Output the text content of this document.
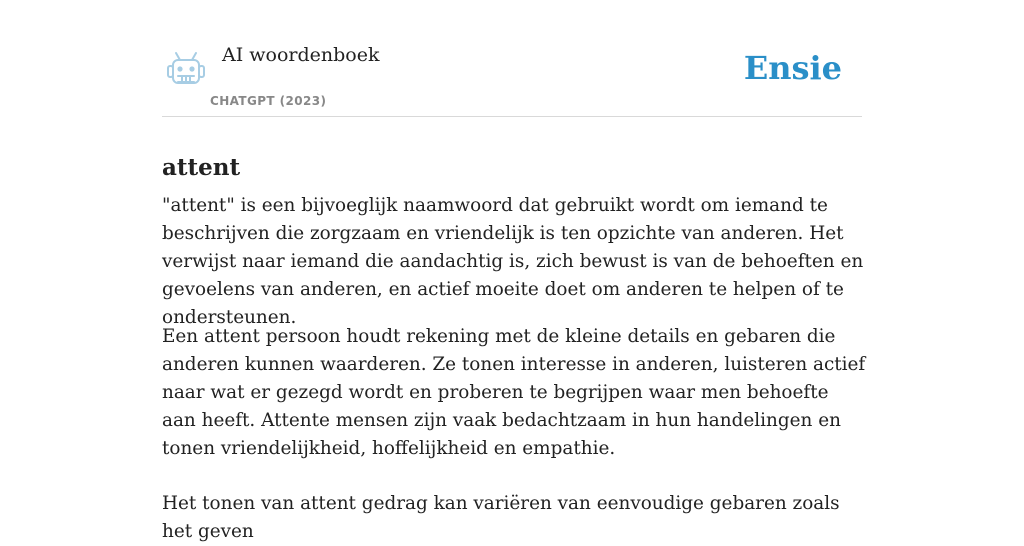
AI woordenboek
CHATGPT (2023)
Ensie
attent

"attent" is een bijvoeglijk naamwoord dat gebruikt wordt om iemand te beschrijven die zorgzaam en vriendelijk is ten opzichte van anderen. Het verwijst naar iemand die aandachtig is, zich bewust is van de behoeften en gevoelens van anderen, en actief moeite doet om anderen te helpen of te ondersteunen.

Een attent persoon houdt rekening met de kleine details en gebaren die anderen kunnen waarderen. Ze tonen interesse in anderen, luisteren actief naar wat er gezegd wordt en proberen te begrijpen waar men behoefte aan heeft. Attente mensen zijn vaak bedachtzaam in hun handelingen en tonen vriendelijkheid, hoffelijkheid en empathie.

Het tonen van attent gedrag kan variëren van eenvoudige gebaren zoals het geven
